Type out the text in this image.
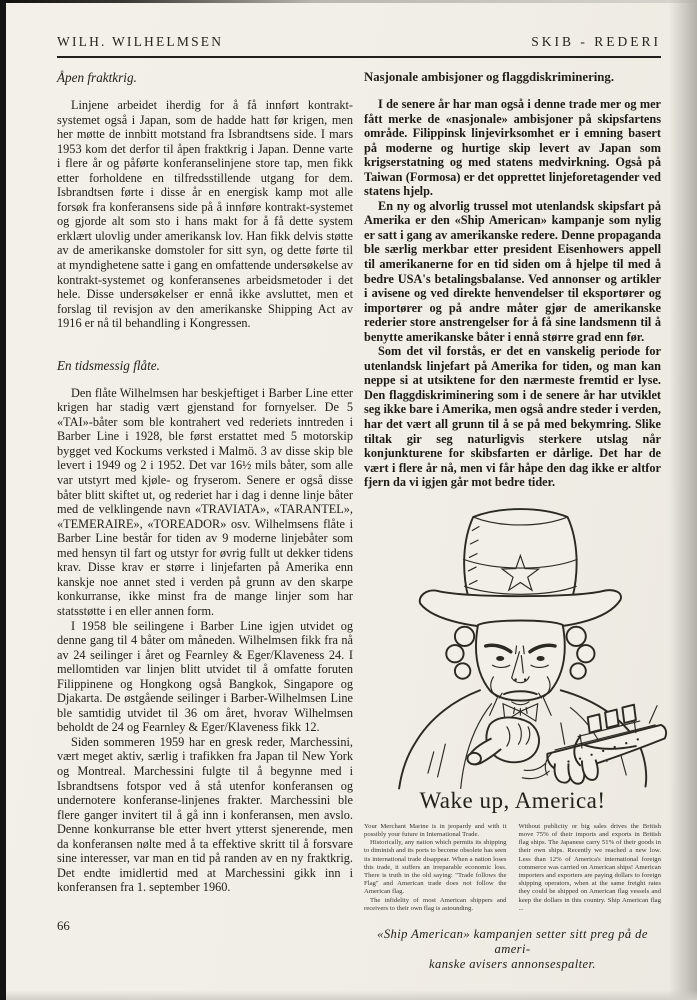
WILH. WILHELMSEN	SKIB - REDERI
Åpen fraktkrig.

Linjene arbeidet iherdig for å få innført kontrakt-systemet også i Japan, som de hadde hatt før krigen, men her møtte de innbitt motstand fra Isbrandtsens side. I mars 1953 kom det derfor til åpen fraktkrig i Japan. Denne varte i flere år og påførte konferanselinjene store tap, men fikk etter forholdene en tilfredsstillende utgang for dem. Isbrandtsen førte i disse år en energisk kamp mot alle forsøk fra konferansens side på å innføre kontrakt-systemet og gjorde alt som sto i hans makt for å få dette system erklært ulovlig under amerikansk lov. Han fikk delvis støtte av de amerikanske domstoler for sitt syn, og dette førte til at myndighetene satte i gang en omfattende undersøkelse av kontrakt-systemet og konferansenes arbeidsmetoder i det hele. Disse undersøkelser er ennå ikke avsluttet, men et forslag til revisjon av den amerikanske Shipping Act av 1916 er nå til behandling i Kongressen.

En tidsmessig flåte.

Den flåte Wilhelmsen har beskjeftiget i Barber Line etter krigen har stadig vært gjenstand for fornyelser. De 5 «TAI»-båter som ble kontrahert ved rederiets inntreden i Barber Line i 1928, ble først erstattet med 5 motorskip bygget ved Kockums verksted i Malmö. 3 av disse skip ble levert i 1949 og 2 i 1952. Det var 16½ mils båter, som alle var utstyrt med kjøle- og fryserom. Senere er også disse båter blitt skiftet ut, og rederiet har i dag i denne linje båter med de velklingende navn «TRAVIATA», «TARANTEL», «TEMERAIRE», «TOREADOR» osv. Wilhelmsens flåte i Barber Line består for tiden av 9 moderne linjebåter som med hensyn til fart og utstyr for øvrig fullt ut dekker tidens krav. Disse krav er større i linjefarten på Amerika enn kanskje noe annet sted i verden på grunn av den skarpe konkurranse, ikke minst fra de mange linjer som har statsstøtte i en eller annen form.

I 1958 ble seilingene i Barber Line igjen utvidet og denne gang til 4 båter om måneden. Wilhelmsen fikk fra nå av 24 seilinger i året og Fearnley & Eger/Klaveness 24. I mellomtiden var linjen blitt utvidet til å omfatte foruten Filippinene og Hongkong også Bangkok, Singapore og Djakarta. De østgående seilinger i Barber-Wilhelmsen Line ble samtidig utvidet til 36 om året, hvorav Wilhelmsen beholdt de 24 og Fearnley & Eger/Klaveness fikk 12.

Siden sommeren 1959 har en gresk reder, Marchessini, vært meget aktiv, særlig i trafikken fra Japan til New York og Montreal. Marchessini fulgte til å begynne med i Isbrandtsens fotspor ved å stå utenfor konferansen og undernotere konferanse-linjenes frakter. Marchessini ble flere ganger invitert til å gå inn i konferansen, men avslo. Denne konkurranse ble etter hvert ytterst sjenerende, men da konferansen nølte med å ta effektive skritt til å forsvare sine interesser, var man en tid på randen av en ny fraktkrig. Det endte imidlertid med at Marchessini gikk inn i konferansen fra 1. september 1960.

Nasjonale ambisjoner og flaggdiskriminering.

I de senere år har man også i denne trade mer og mer fått merke de «nasjonale» ambisjoner på skipsfartens område. Filippinsk linjevirksomhet er i emning basert på moderne og hurtige skip levert av Japan som krigserstatning og med statens medvirkning. Også på Taiwan (Formosa) er det opprettet linjeforetagender ved statens hjelp.

En ny og alvorlig trussel mot utenlandsk skipsfart på Amerika er den «Ship American» kampanje som nylig er satt i gang av amerikanske redere. Denne propaganda ble særlig merkbar etter president Eisenhowers appell til amerikanerne for en tid siden om å hjelpe til med å bedre USA's betalingsbalanse. Ved annonser og artikler i avisene og ved direkte henvendelser til eksportører og importører og på andre måter gjør de amerikanske rederier store anstrengelser for å få sine landsmenn til å benytte amerikanske båter i ennå større grad enn før.

Som det vil forstås, er det en vanskelig periode for utenlandsk linjefart på Amerika for tiden, og man kan neppe si at utsiktene for den nærmeste fremtid er lyse. Den flaggdiskriminering som i de senere år har utviklet seg ikke bare i Amerika, men også andre steder i verden, har det vært all grunn til å se på med bekymring. Slike tiltak gir seg naturligvis sterkere utslag når konjunkturene for skibsfarten er dårlige. Det har de vært i flere år nå, men vi får håpe den dag ikke er altfor fjern da vi igjen går mot bedre tider.

Wake up, America!

Your Merchant Marine is in jeopardy and with it possibly your future in International Trade.

Historically, any nation which permits its shipping to diminish and its ports to become obsolete has seen its international trade disappear. When a nation loses this trade, it suffers an irreparable economic loss. There is truth in the old saying: "Trade follows the Flag" and American trade does not follow the American flag.

The infidelity of most American shippers and receivers to their own flag is astounding.

Without publicity or big sales drives the British move 75% of their imports and exports in British flag ships. The Japanese carry 51% of their goods in their own ships. Recently we reached a new low. Less than 12% of America's international foreign commerce was carried on American ships! American importers and exporters are paying dollars to foreign shipping operators, when at the same freight rates they could be shipped on American flag vessels and keep the dollars in this country. Ship American flag ...

«Ship American» kampanjen setter sitt preg på de ameri-
kanske avisers annonsespalter.
66
